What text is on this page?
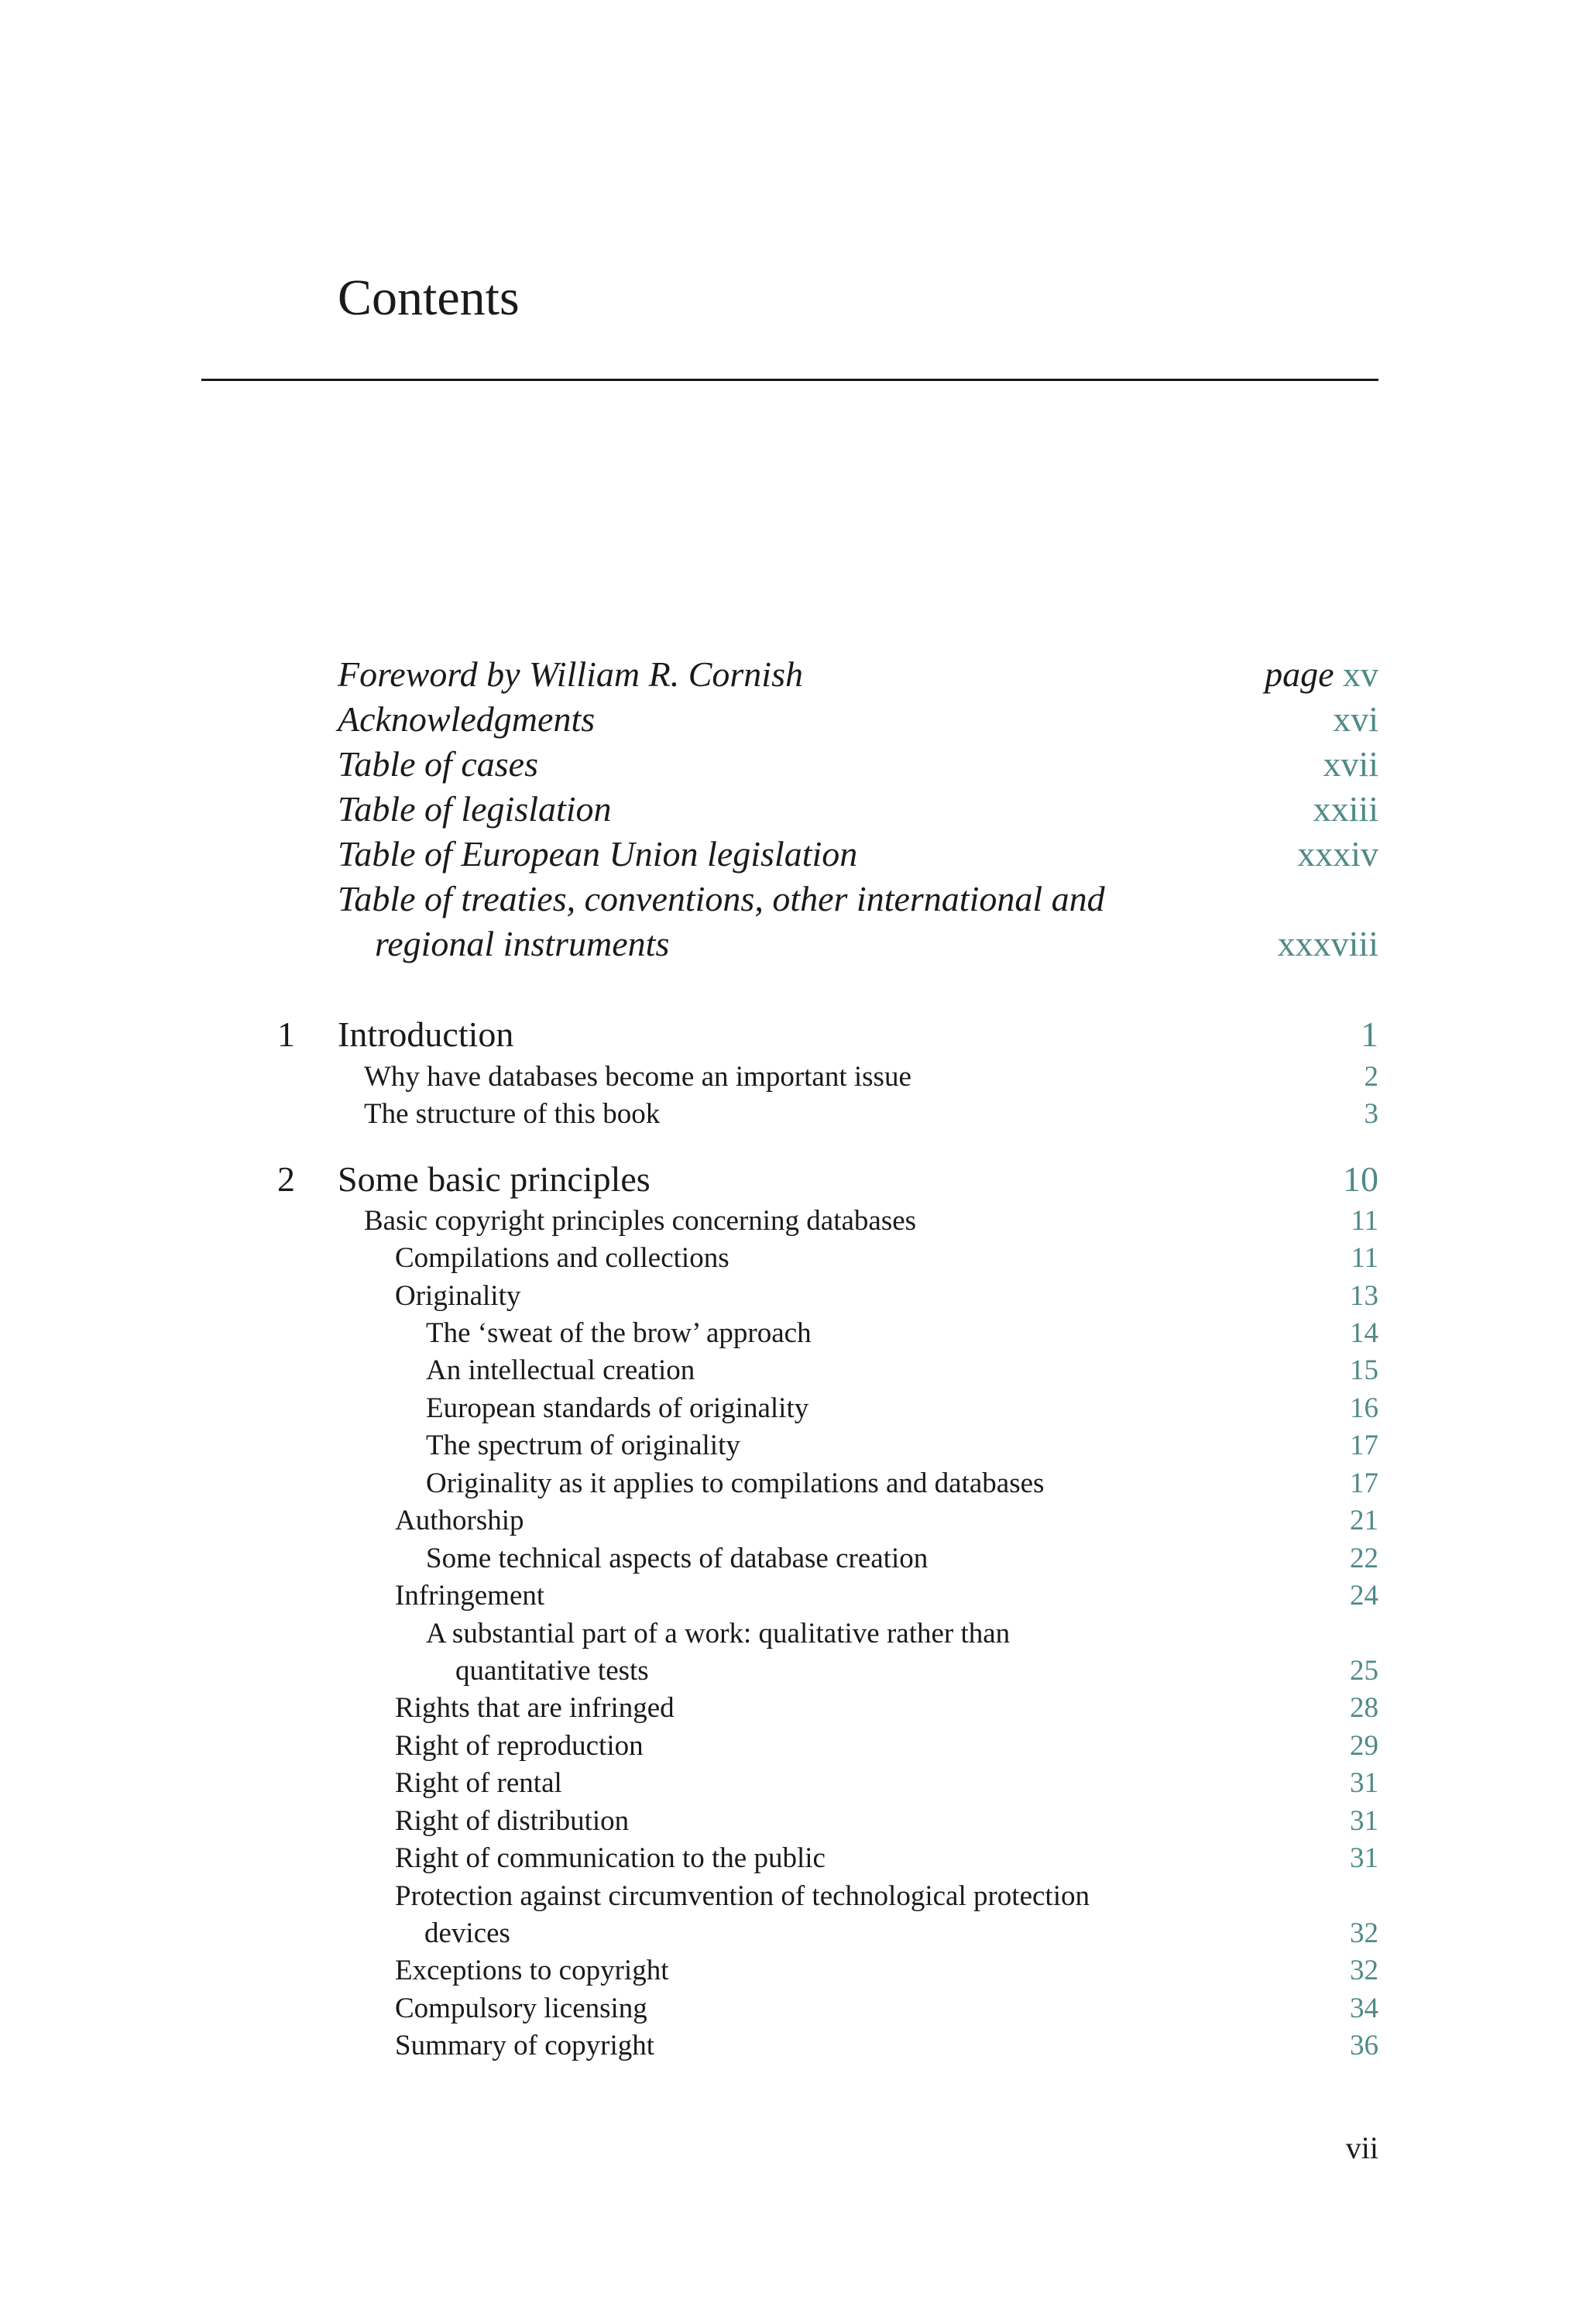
Contents
Foreword by William R. Cornish	page xv
Acknowledgments	xvi
Table of cases	xvii
Table of legislation	xxiii
Table of European Union legislation	xxxiv
Table of treaties, conventions, other international and
regional instruments	xxxviii
1 Introduction	1
Why have databases become an important issue	2
The structure of this book	3
2 Some basic principles	10
Basic copyright principles concerning databases	11
Compilations and collections	11
Originality	13
The ‘sweat of the brow’ approach	14
An intellectual creation	15
European standards of originality	16
The spectrum of originality	17
Originality as it applies to compilations and databases	17
Authorship	21
Some technical aspects of database creation	22
Infringement	24
A substantial part of a work: qualitative rather than
quantitative tests	25
Rights that are infringed	28
Right of reproduction	29
Right of rental	31
Right of distribution	31
Right of communication to the public	31
Protection against circumvention of technological protection
devices	32
Exceptions to copyright	32
Compulsory licensing	34
Summary of copyright	36
vii
